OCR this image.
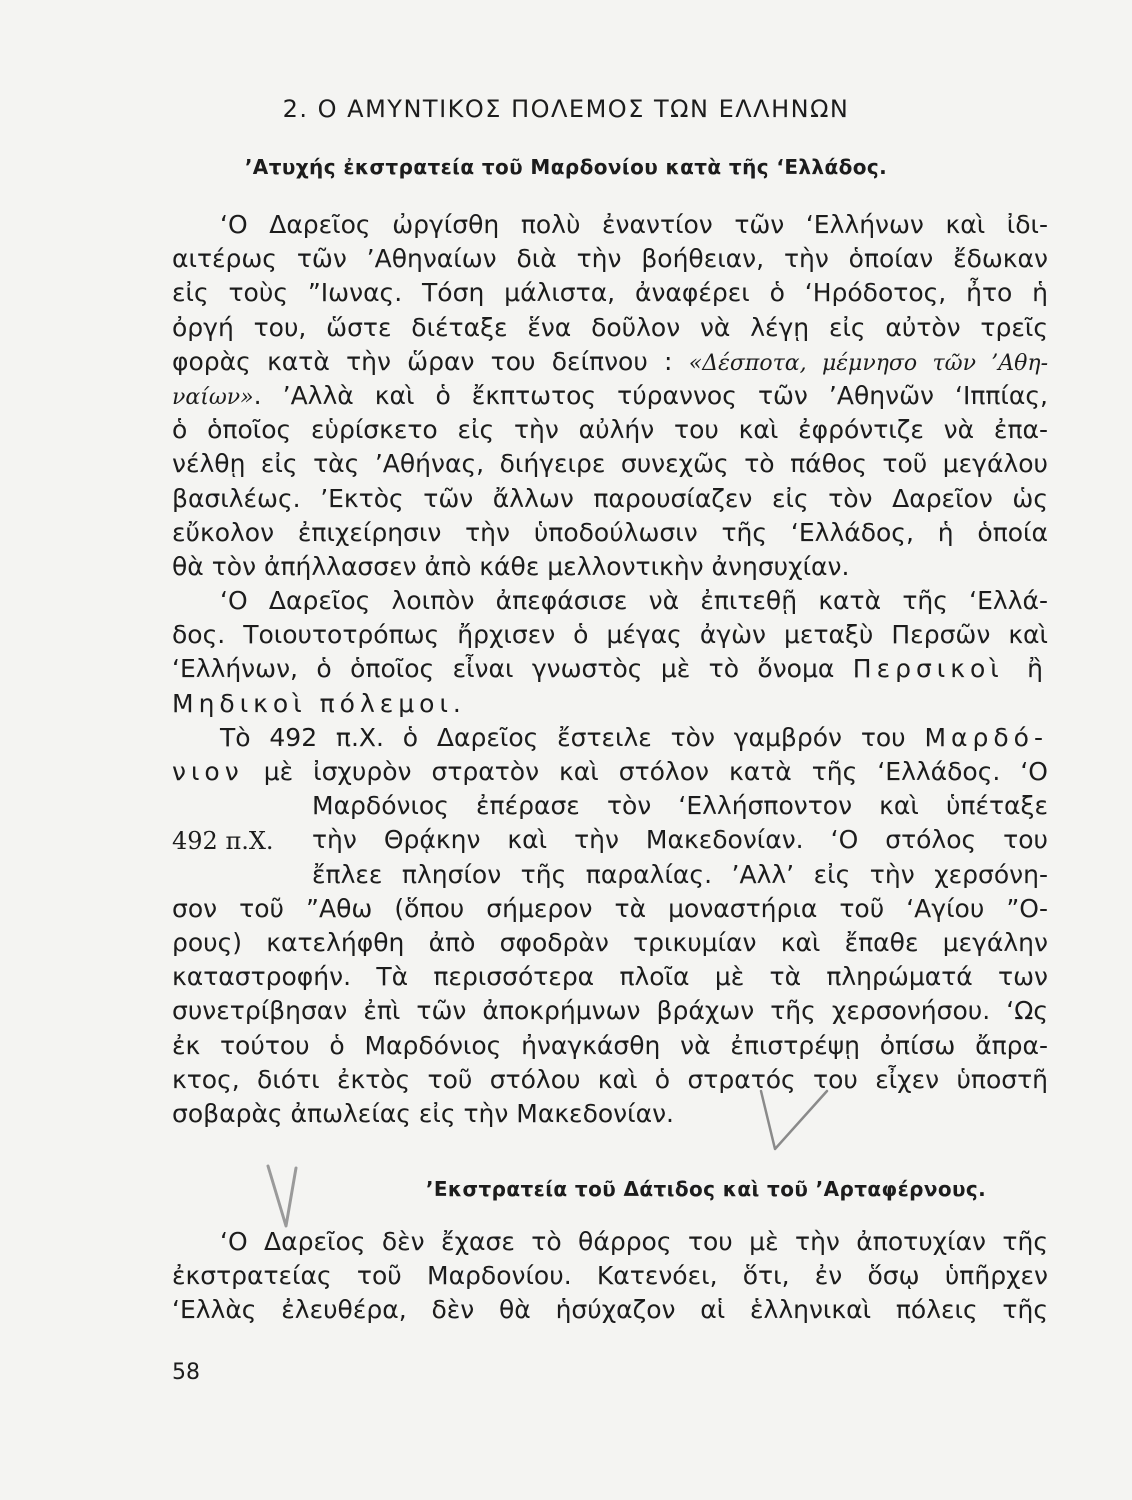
2. Ο ΑΜΥΝΤΙΚΟΣ ΠΟΛΕΜΟΣ ΤΩΝ ΕΛΛΗΝΩΝ
’Ατυχής ἐκστρατεία τοῦ Μαρδονίου κατὰ τῆς ‘Ελλάδος.
‘Ο Δαρεῖος ὠργίσθη πολὺ ἐναντίον τῶν ‘Ελλήνων καὶ ἰδι-
αιτέρως τῶν ’Αθηναίων διὰ τὴν βοήθειαν, τὴν ὁποίαν ἔδωκαν
εἰς τοὺς ”Ιωνας. Τόση μάλιστα, ἀναφέρει ὁ ‘Ηρόδοτος, ἦτο ἡ
ὀργή του, ὥστε διέταξε ἕνα δοῦλον νὰ λέγῃ εἰς αὐτὸν τρεῖς
φορὰς κατὰ τὴν ὥραν του δείπνου : «Δέσποτα, μέμνησο τῶν ’Αθη-
ναίων». ’Αλλὰ καὶ ὁ ἔκπτωτος τύραννος τῶν ’Αθηνῶν ‘Ιππίας,
ὁ ὁποῖος εὑρίσκετο εἰς τὴν αὐλήν του καὶ ἐφρόντιζε νὰ ἐπα-
νέλθῃ εἰς τὰς ’Αθήνας, διήγειρε συνεχῶς τὸ πάθος τοῦ μεγάλου
βασιλέως. ’Εκτὸς τῶν ἄλλων παρουσίαζεν εἰς τὸν Δαρεῖον ὡς
εὔκολον ἐπιχείρησιν τὴν ὑποδούλωσιν τῆς ‘Ελλάδος, ἡ ὁποία
θὰ τὸν ἀπήλλασσεν ἀπὸ κάθε μελλοντικὴν ἀνησυχίαν.
‘Ο Δαρεῖος λοιπὸν ἀπεφάσισε νὰ ἐπιτεθῇ κατὰ τῆς ‘Ελλά-
δος. Τοιουτοτρόπως ἤρχισεν ὁ μέγας ἀγὼν μεταξὺ Περσῶν καὶ
‘Ελλήνων, ὁ ὁποῖος εἶναι γνωστὸς μὲ τὸ ὄνομα Περσικοὶ ἢ
Μηδικοὶ πόλεμοι.
Τὸ 492 π.Χ. ὁ Δαρεῖος ἔστειλε τὸν γαμβρόν του Μαρδό-
νιον μὲ ἰσχυρὸν στρατὸν καὶ στόλον κατὰ τῆς ‘Ελλάδος. ‘Ο
Μαρδόνιος ἐπέρασε τὸν ‘Ελλήσποντον καὶ ὑπέταξε
τὴν Θρᾴκην καὶ τὴν Μακεδονίαν. ‘Ο στόλος του
ἔπλεε πλησίον τῆς παραλίας. ’Αλλ’ εἰς τὴν χερσόνη-
σον τοῦ ”Αθω (ὅπου σήμερον τὰ μοναστήρια τοῦ ‘Αγίου ”Ο-
ρους) κατελήφθη ἀπὸ σφοδρὰν τρικυμίαν καὶ ἔπαθε μεγάλην
καταστροφήν. Τὰ περισσότερα πλοῖα μὲ τὰ πληρώματά των
συνετρίβησαν ἐπὶ τῶν ἀποκρήμνων βράχων τῆς χερσονήσου. ‘Ως
ἐκ τούτου ὁ Μαρδόνιος ἠναγκάσθη νὰ ἐπιστρέψῃ ὀπίσω ἄπρα-
κτος, διότι ἐκτὸς τοῦ στόλου καὶ ὁ στρατός του εἶχεν ὑποστῆ
σοβαρὰς ἀπωλείας εἰς τὴν Μακεδονίαν.
492 π.Χ.
’Εκστρατεία τοῦ Δάτιδος καὶ τοῦ ’Αρταφέρνους.
‘Ο Δαρεῖος δὲν ἔχασε τὸ θάρρος του μὲ τὴν ἀποτυχίαν τῆς
ἐκστρατείας τοῦ Μαρδονίου. Κατενόει, ὅτι, ἐν ὅσῳ ὑπῆρχεν
‘Ελλὰς ἐλευθέρα, δὲν θὰ ἡσύχαζον αἱ ἑλληνικαὶ πόλεις τῆς
58
